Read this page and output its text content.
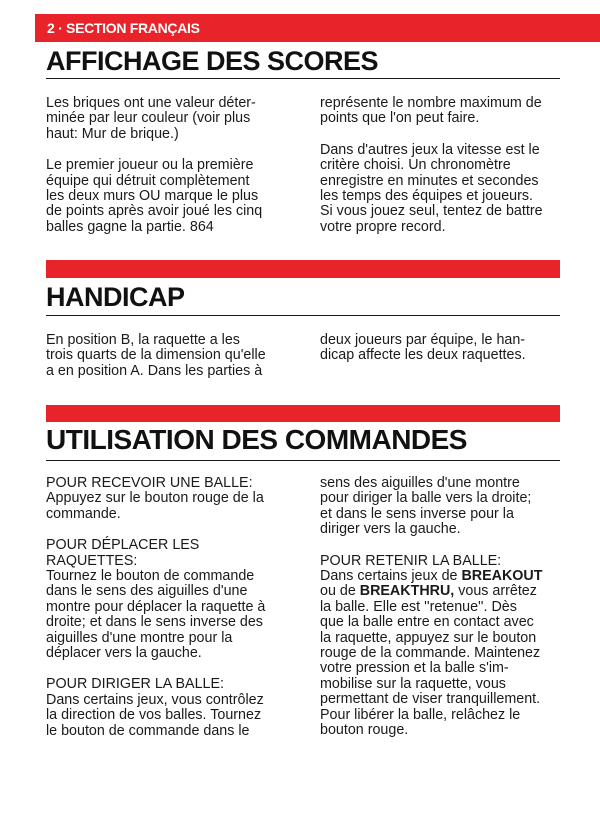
2 · SECTION FRANÇAIS
AFFICHAGE DES SCORES

Les briques ont une valeur déter-
minée par leur couleur (voir plus
haut: Mur de brique.)

Le premier joueur ou la première
équipe qui détruit complètement
les deux murs OU marque le plus
de points après avoir joué les cinq
balles gagne la partie. 864

représente le nombre maximum de
points que l'on peut faire.

Dans d'autres jeux la vitesse est le
critère choisi. Un chronomètre
enregistre en minutes et secondes
les temps des équipes et joueurs.
Si vous jouez seul, tentez de battre
votre propre record.

HANDICAP

En position B, la raquette a les
trois quarts de la dimension qu'elle
a en position A. Dans les parties à

deux joueurs par équipe, le han-
dicap affecte les deux raquettes.

UTILISATION DES COMMANDES

POUR RECEVOIR UNE BALLE:

Appuyez sur le bouton rouge de la
commande.

POUR DÉPLACER LES
RAQUETTES:

Tournez le bouton de commande
dans le sens des aiguilles d'une
montre pour déplacer la raquette à
droite; et dans le sens inverse des
aiguilles d'une montre pour la
déplacer vers la gauche.

POUR DIRIGER LA BALLE:

Dans certains jeux, vous contrôlez
la direction de vos balles. Tournez
le bouton de commande dans le

sens des aiguilles d'une montre
pour diriger la balle vers la droite;
et dans le sens inverse pour la
diriger vers la gauche.

POUR RETENIR LA BALLE:

Dans certains jeux de BREAKOUT
ou de BREAKTHRU, vous arrêtez
la balle. Elle est ''retenue''. Dès
que la balle entre en contact avec
la raquette, appuyez sur le bouton
rouge de la commande. Maintenez
votre pression et la balle s'im-
mobilise sur la raquette, vous
permettant de viser tranquillement.
Pour libérer la balle, relâchez le
bouton rouge.
